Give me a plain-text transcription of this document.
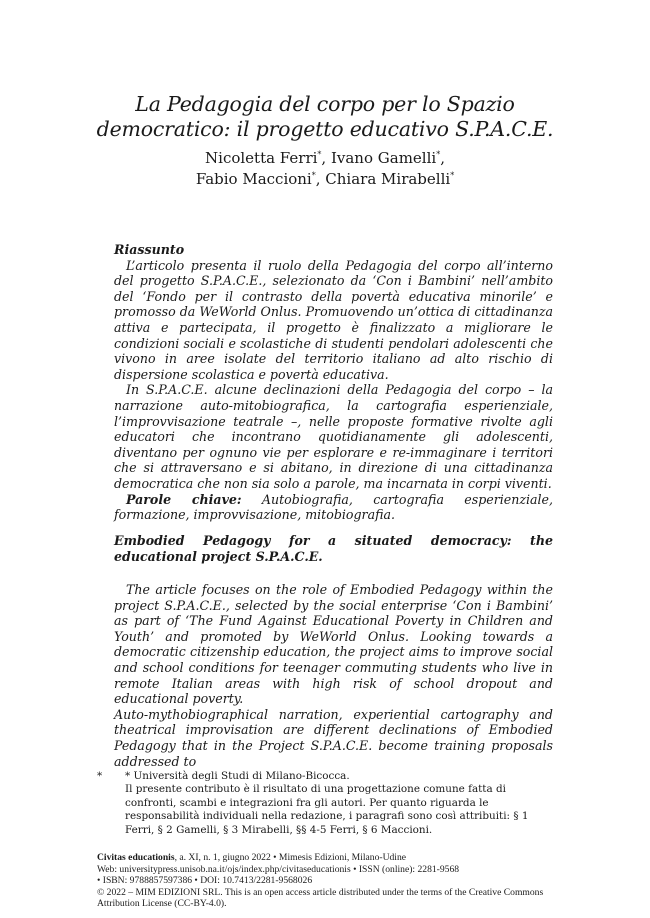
La Pedagogia del corpo per lo Spazio
democratico: il progetto educativo S.P.A.C.E.
Nicoletta Ferri*, Ivano Gamelli*,
Fabio Maccioni*, Chiara Mirabelli*

Riassunto

L’articolo presenta il ruolo della Pedagogia del corpo all’interno del progetto S.P.A.C.E., selezionato da ‘Con i Bambini’ nell’ambito del ‘Fondo per il contrasto della povertà educativa minorile’ e promosso da WeWorld Onlus. Promuovendo un’ottica di cittadinanza attiva e partecipata, il progetto è finalizzato a migliorare le condizioni sociali e scolastiche di studenti pendolari adolescenti che vivono in aree isolate del territorio italiano ad alto rischio di dispersione scolastica e povertà educativa.

In S.P.A.C.E. alcune declinazioni della Pedagogia del corpo – la narrazione auto-mitobiografica, la cartografia esperienziale, l’improvvisazione teatrale –, nelle proposte formative rivolte agli educatori che incontrano quotidianamente gli adolescenti, diventano per ognuno vie per esplorare e re-immaginare i territori che si attraversano e si abitano, in direzione di una cittadinanza democratica che non sia solo a parole, ma incarnata in corpi viventi.

Parole chiave: Autobiografia, cartografia esperienziale, formazione, improvvisazione, mitobiografia.

Embodied Pedagogy for a situated democracy: the educational project S.P.A.C.E.

The article focuses on the role of Embodied Pedagogy within the project S.P.A.C.E., selected by the social enterprise ‘Con i Bambini’ as part of ‘The Fund Against Educational Poverty in Children and Youth’ and promoted by WeWorld Onlus. Looking towards a democratic citizenship education, the project aims to improve social and school conditions for teenager commuting students who live in remote Italian areas with high risk of school dropout and educational poverty.

Auto-mythobiographical narration, experiential cartography and theatrical improvisation are different declinations of Embodied Pedagogy that in the Project S.P.A.C.E. become training proposals addressed to

* * Università degli Studi di Milano-Bicocca.
Il presente contributo è il risultato di una progettazione comune fatta di confronti, scambi e integrazioni fra gli autori. Per quanto riguarda le responsabilità individuali nella redazione, i paragrafi sono così attribuiti: § 1 Ferri, § 2 Gamelli, § 3 Mirabelli, §§ 4-5 Ferri, § 6 Maccioni.
Civitas educationis, a. XI, n. 1, giugno 2022 • Mimesis Edizioni, Milano-Udine
Web: universitypress.unisob.na.it/ojs/index.php/civitaseducationis • ISSN (online): 2281-9568
• ISBN: 9788857597386 • DOI: 10.7413/2281-9568026
© 2022 – MIM EDIZIONI SRL. This is an open access article distributed under the terms of the Creative Commons Attribution License (CC-BY-4.0).
